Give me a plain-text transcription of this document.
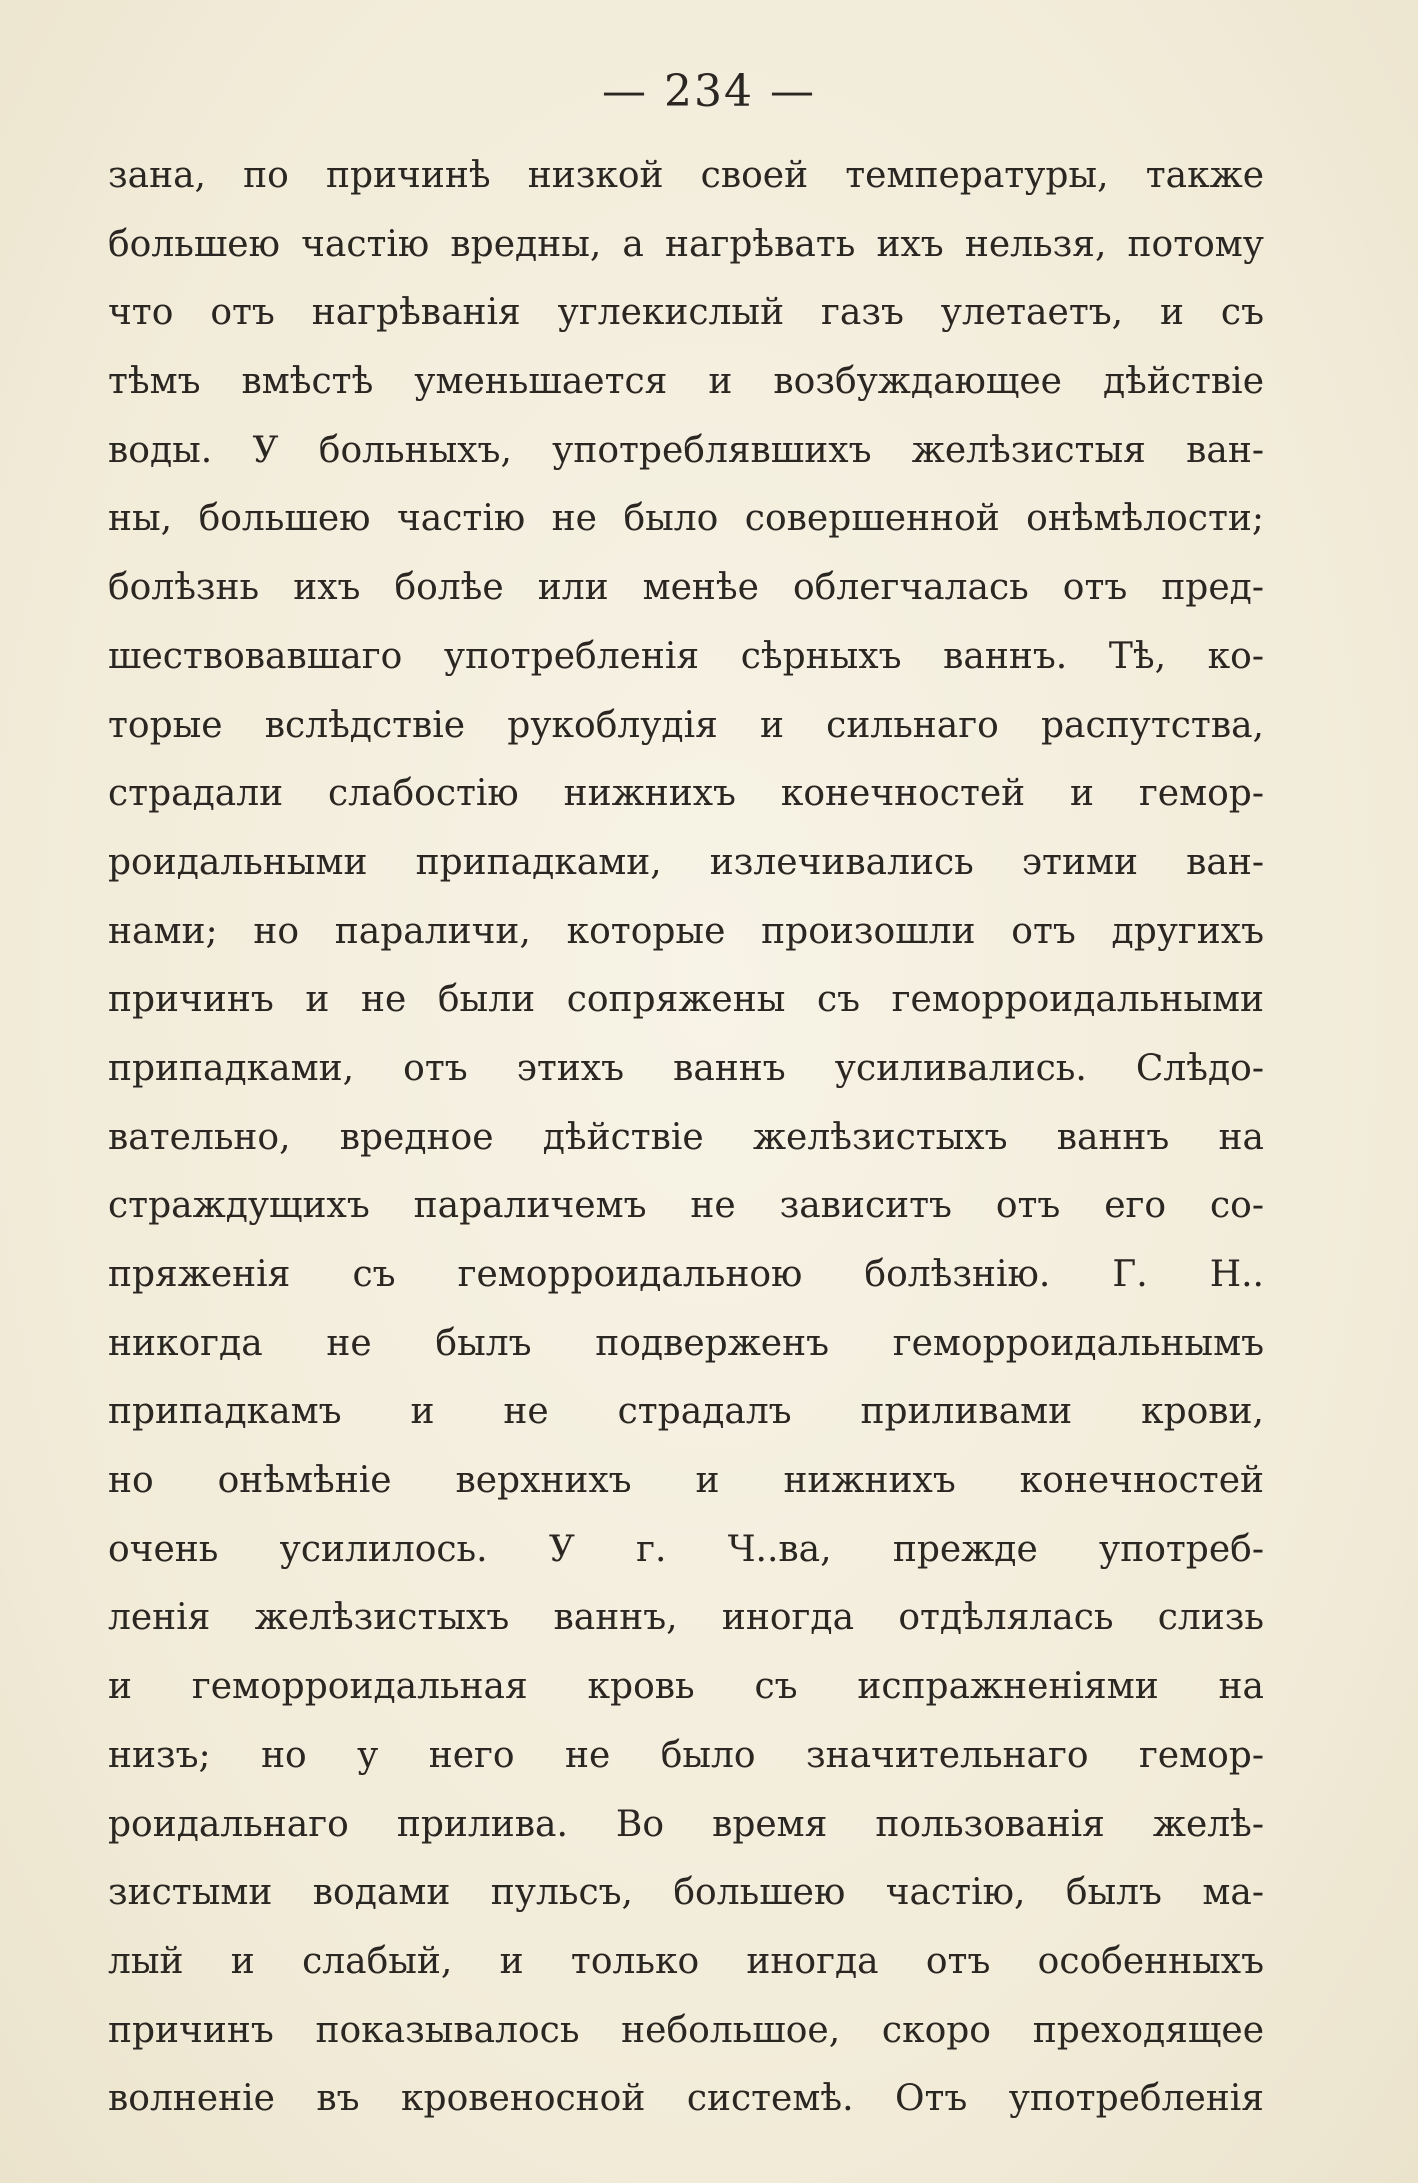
— 234 —
зана, по причинѣ низкой своей температуры, также
большею частію вредны, а нагрѣвать ихъ нельзя, потому
что отъ нагрѣванія углекислый газъ улетаетъ, и съ
тѣмъ вмѣстѣ уменьшается и возбуждающее дѣйствіе
воды. У больныхъ, употреблявшихъ желѣзистыя ван-
ны, большею частію не было совершенной онѣмѣлости;
болѣзнь ихъ болѣе или менѣе облегчалась отъ пред-
шествовавшаго употребленія сѣрныхъ ваннъ. Тѣ, ко-
торые вслѣдствіе рукоблудія и сильнаго распутства,
страдали слабостію нижнихъ конечностей и гемор-
роидальными припадками, излечивались этими ван-
нами; но параличи, которые произошли отъ другихъ
причинъ и не были сопряжены съ геморроидальными
припадками, отъ этихъ ваннъ усиливались. Слѣдо-
вательно, вредное дѣйствіе желѣзистыхъ ваннъ на
страждущихъ параличемъ не зависитъ отъ его со-
пряженія съ геморроидальною болѣзнію. Г. Н..
никогда не былъ подверженъ геморроидальнымъ
припадкамъ и не страдалъ приливами крови,
но онѣмѣніе верхнихъ и нижнихъ конечностей
очень усилилось. У г. Ч..ва, прежде употреб-
ленія желѣзистыхъ ваннъ, иногда отдѣлялась слизь
и геморроидальная кровь съ испражненіями на
низъ; но у него не было значительнаго гемор-
роидальнаго прилива. Во время пользованія желѣ-
зистыми водами пульсъ, большею частію, былъ ма-
лый и слабый, и только иногда отъ особенныхъ
причинъ показывалось небольшое, скоро преходящее
волненіе въ кровеносной системѣ. Отъ употребленія
